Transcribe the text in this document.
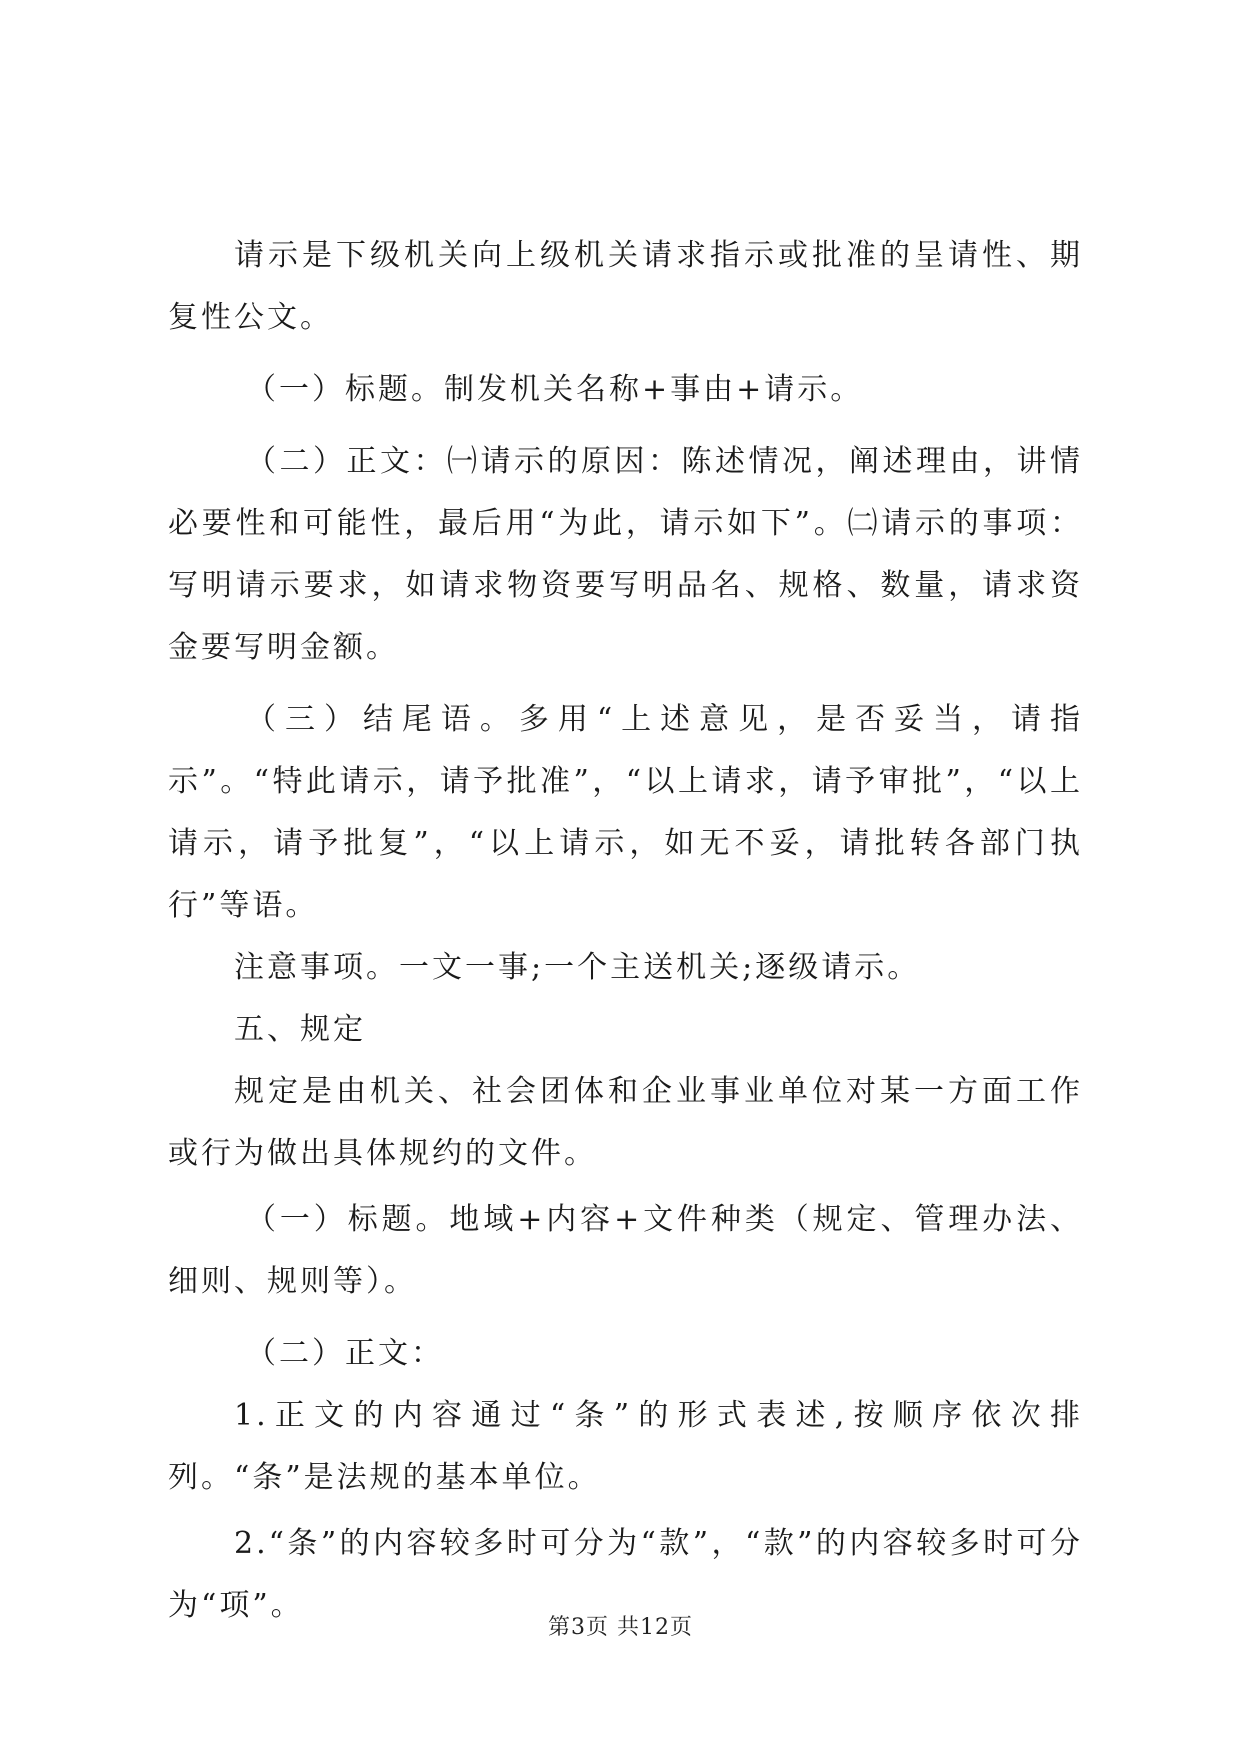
请示是下级机关向上级机关请求指示或批准的呈请性、期复性公文。

（一）标题。制发机关名称+事由+请示。

（二）正文：㈠请示的原因：陈述情况，阐述理由，讲情必要性和可能性，最后用“为此，请示如下”。㈡请示的事项：写明请示要求，如请求物资要写明品名、规格、数量，请求资金要写明金额。

（三）结尾语。多用“上述意见，是否妥当，请指示”。“特此请示，请予批准”，“以上请求，请予审批”，“以上请示，请予批复”，“以上请示，如无不妥，请批转各部门执行”等语。

注意事项。一文一事;一个主送机关;逐级请示。

五、规定

规定是由机关、社会团体和企业事业单位对某一方面工作或行为做出具体规约的文件。

（一）标题。地域+内容+文件种类（规定、管理办法、细则、规则等）。

（二）正文：

1.正文的内容通过“条”的形式表述,按顺序依次排列。“条”是法规的基本单位。

2.“条”的内容较多时可分为“款”，“款”的内容较多时可分为“项”。

第3页 共12页
